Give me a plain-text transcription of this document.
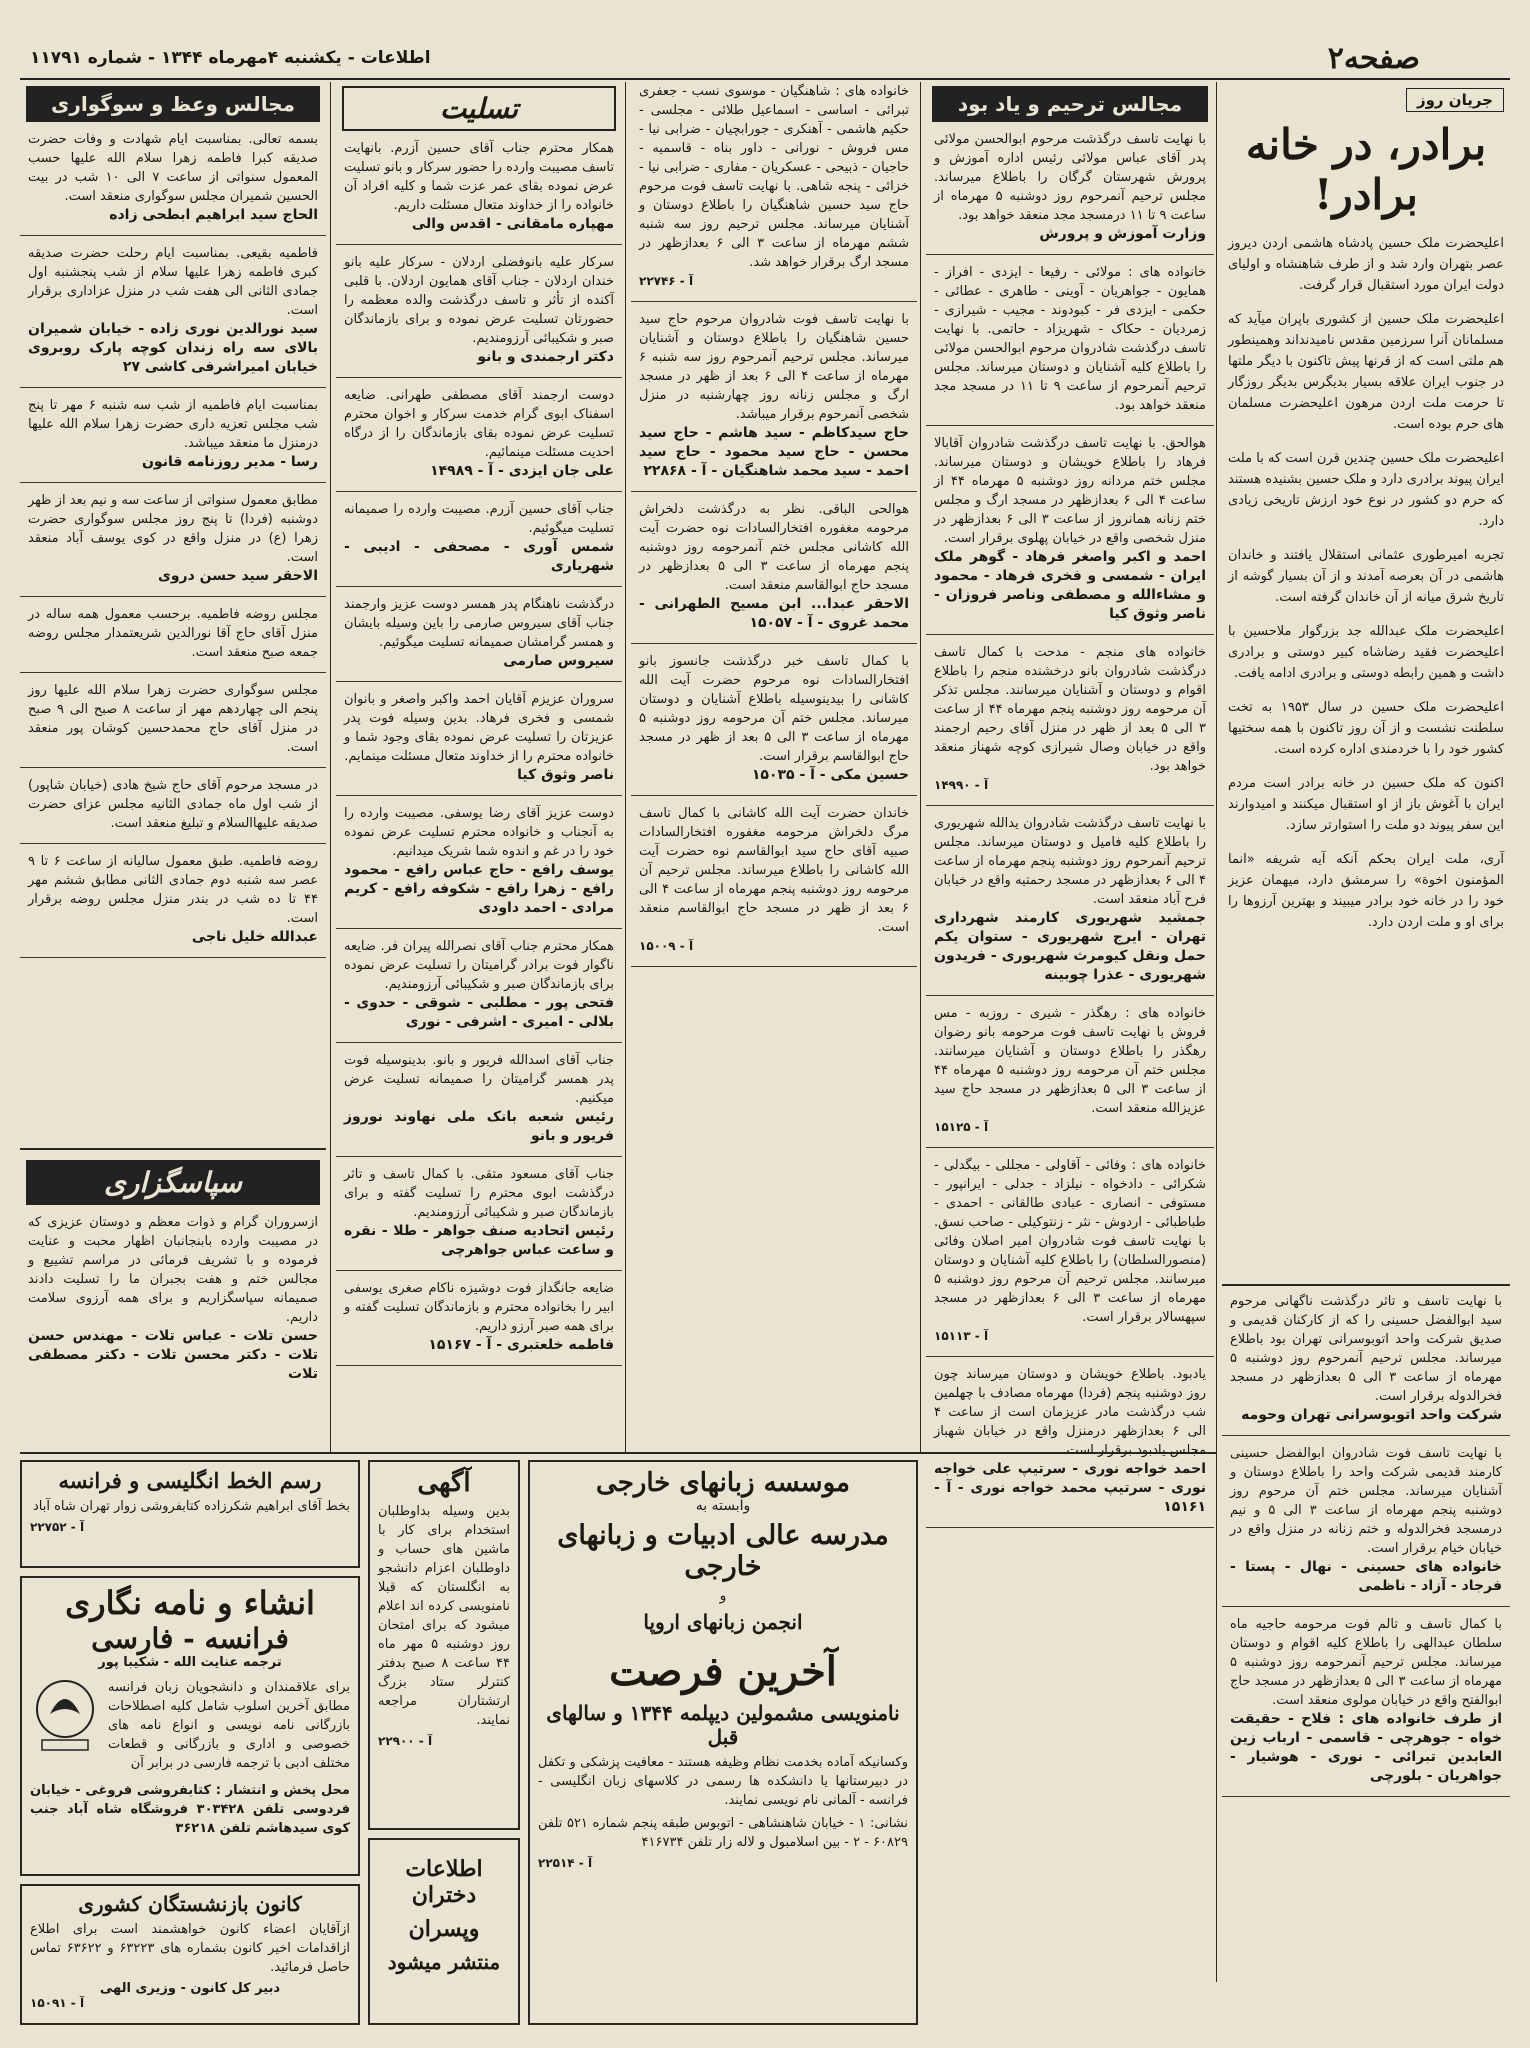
صفحه۲
اطلاعات - یکشنبه ۴مهرماه ۱۳۴۴ - شماره ۱۱۷۹۱
جریان روز
برادر، در خانه برادر!

اعلیحضرت ملک حسین پادشاه هاشمی اردن دیروز عصر بتهران وارد شد و از طرف شاهنشاه و اولیای دولت ایران مورد استقبال قرار گرفت.

اعلیحضرت ملک حسین از کشوری باپران میآید که مسلمانان آنرا سرزمین مقدس نامیدنداند وهمینطور هم ملتی است که از قرنها پیش تاکنون با دیگر ملتها در جنوب ایران علاقه بسیار بدیگرس بدیگر روزگار تا حرمت ملت اردن مرهون اعلیحضرت مسلمان های حرم بوده است.

اعلیحضرت ملک حسین چندین قرن است که با ملت ایران پیوند برادری دارد و ملک حسین بشنیده هستند که حرم دو کشور در نوع خود ارزش تاریخی زیادی دارد.

تجربه امیرطوری عثمانی استقلال یافتند و خاندان هاشمی در آن بعرصه آمدند و از آن بسیار گوشه از تاریخ شرق میانه از آن خاندان گرفته است.

اعلیحضرت ملک عبدالله جد بزرگوار ملاحسین با اعلیحضرت فقید رضاشاه کبیر دوستی و برادری داشت و همین رابطه دوستی و برادری ادامه یافت.

اعلیحضرت ملک حسین در سال ۱۹۵۳ به تخت سلطنت نشست و از آن روز تاکنون با همه سختیها کشور خود را با خردمندی اداره کرده است.

اکنون که ملک حسین در خانه برادر است مردم ایران با آغوش باز از او استقبال میکنند و امیدوارند این سفر پیوند دو ملت را استوارتر سازد.

آری، ملت ایران بحکم آنکه آیه شریفه «انما المؤمنون اخوة» را سرمشق دارد، میهمان عزیز خود را در خانه خود برادر میبیند و بهترین آرزوها را برای او و ملت اردن دارد.

با نهایت تاسف و تاثر درگذشت ناگهانی مرحوم سید ابوالفضل حسینی را که از کارکنان قدیمی و صدیق شرکت واحد اتوبوسرانی تهران بود باطلاع میرساند. مجلس ترحیم آنمرحوم روز دوشنبه ۵ مهرماه از ساعت ۳ الی ۵ بعدازظهر در مسجد فخرالدوله برقرار است.
شرکت واحد اتوبوسرانی تهران وحومه
با نهایت تاسف فوت شادروان ابوالفضل حسینی کارمند قدیمی شرکت واحد را باطلاع دوستان و آشنایان میرساند. مجلس ختم آن مرحوم روز دوشنبه پنجم مهرماه از ساعت ۳ الی ۵ و نیم درمسجد فخرالدوله و ختم زنانه در منزل واقع در خیابان خیام برقرار است.
خانواده های حسینی - نهال - پستا - فرجاد - آزاد - ناظمی
با کمال تاسف و تالم فوت مرحومه حاجیه ماه سلطان عبدالهی را باطلاع کلیه اقوام و دوستان میرساند. مجلس ترحیم آنمرحومه روز دوشنبه ۵ مهرماه از ساعت ۳ الی ۵ بعدازظهر در مسجد حاج ابوالفتح واقع در خیابان مولوی منعقد است.
از طرف خانواده های : فلاح - حقیقت خواه - جوهرچی - قاسمی - ارباب زین العابدین تبرائی - نوری - هوشیار - جواهریان - بلورچی
مجالس ترحیم و یاد بود
با نهایت تاسف درگذشت مرحوم ابوالحسن مولائی پدر آقای عباس مولائی رئیس اداره آموزش و پرورش شهرستان گرگان را باطلاع میرساند. مجلس ترحیم آنمرحوم روز دوشنبه ۵ مهرماه از ساعت ۹ تا ۱۱ درمسجد مجد منعقد خواهد بود.
وزارت آموزش و پرورش
خانواده های : مولائی - رفیعا - ایزدی - افراز - همایون - جواهریان - آوینی - طاهری - عطائی - حکمی - ایزدی فر - کبودوند - مجیب - شیرازی - زمردیان - حکاک - شهریزاد - حاتمی. با نهایت تاسف درگذشت شادروان مرحوم ابوالحسن مولائی را باطلاع کلیه آشنایان و دوستان میرساند. مجلس ترحیم آنمرحوم از ساعت ۹ تا ۱۱ در مسجد مجد منعقد خواهد بود.
هوالحق. با نهایت تاسف درگذشت شادروان آقابالا فرهاد را باطلاع خویشان و دوستان میرساند. مجلس ختم مردانه روز دوشنبه ۵ مهرماه ۴۴ از ساعت ۴ الی ۶ بعدازظهر در مسجد ارگ و مجلس ختم زنانه همانروز از ساعت ۳ الی ۶ بعدازظهر در منزل شخصی واقع در خیابان پهلوی برقرار است.
احمد و اکبر واصغر فرهاد - گوهر ملک ایران - شمسی و فخری فرهاد - محمود و مشاءالله و مصطفی وناصر فروزان - ناصر وثوق کیا
خانواده های منجم - مدحت با کمال تاسف درگذشت شادروان بانو درخشنده منجم را باطلاع اقوام و دوستان و آشنایان میرسانند. مجلس تذکر آن مرحومه روز دوشنبه پنجم مهرماه ۴۴ از ساعت ۳ الی ۵ بعد از ظهر در منزل آقای رحیم ارجمند واقع در خیابان وصال شیرازی کوچه شهناز منعقد خواهد بود.
آ - ۱۴۹۹۰
با نهایت تاسف درگذشت شادروان یدالله شهریوری را باطلاع کلیه فامیل و دوستان میرساند. مجلس ترحیم آنمرحوم روز دوشنبه پنجم مهرماه از ساعت ۴ الی ۶ بعدازظهر در مسجد رحمتیه واقع در خیابان فرح آباد منعقد است.
جمشید شهریوری کارمند شهرداری تهران - ایرج شهریوری - ستوان یکم حمل ونقل کیومرث شهریوری - فریدون شهریوری - عذرا چوبینه
خانواده های : رهگذر - شیری - روزبه - مس فروش با نهایت تاسف فوت مرحومه بانو رضوان رهگذر را باطلاع دوستان و آشنایان میرسانند. مجلس ختم آن مرحومه روز دوشنبه ۵ مهرماه ۴۴ از ساعت ۳ الی ۵ بعدازظهر در مسجد حاج سید عزیزالله منعقد است.
آ - ۱۵۱۲۵
خانواده های : وفائی - آقاولی - مجللی - بیگدلی - شکرائی - دادخواه - نیلزاد - جدلی - ایرانپور - مستوفی - انصاری - عبادی طالقانی - احمدی - طباطبائی - اردوش - نثر - زنتوکیلی - صاحب نسق. با نهایت تاسف فوت شادروان امیر اصلان وفائی (منصورالسلطان) را باطلاع کلیه آشنایان و دوستان میرسانند. مجلس ترحیم آن مرحوم روز دوشنبه ۵ مهرماه از ساعت ۳ الی ۶ بعدازظهر در مسجد سپهسالار برقرار است.
آ - ۱۵۱۱۳
یادبود. باطلاع خویشان و دوستان میرساند چون روز دوشنبه پنجم (فردا) مهرماه مصادف با چهلمین شب درگذشت مادر عزیزمان است از ساعت ۴ الی ۶ بعدازظهر درمنزل واقع در خیابان شهباز مجلس یادبود برقرار است.
احمد خواجه نوری - سرتیپ علی خواجه نوری - سرتیپ محمد خواجه نوری - آ - ۱۵۱۶۱
خانواده های : شاهنگیان - موسوی نسب - جعفری تبرائی - اساسی - اسماعیل طلائی - مجلسی - حکیم هاشمی - آهنکری - جورابچیان - ضرابی نیا - مس فروش - نورانی - داور بناه - قاسمیه - حاجیان - ذبیحی - عسکریان - مفاری - ضرابی نیا - خزائی - پنجه شاهی. با نهایت تاسف فوت مرحوم حاج سید حسین شاهنگیان را باطلاع دوستان و آشنایان میرساند. مجلس ترحیم روز سه شنبه ششم مهرماه از ساعت ۳ الی ۶ بعدازظهر در مسجد ارگ برقرار خواهد شد.
آ - ۲۲۷۴۶
با نهایت تاسف فوت شادروان مرحوم حاج سید حسین شاهنگیان را باطلاع دوستان و آشنایان میرساند. مجلس ترحیم آنمرحوم روز سه شنبه ۶ مهرماه از ساعت ۴ الی ۶ بعد از ظهر در مسجد ارگ و مجلس زنانه روز چهارشنبه در منزل شخصی آنمرحوم برقرار میباشد.
حاج سیدکاظم - سید هاشم - حاج سید محسن - حاج سید محمود - حاج سید احمد - سید محمد شاهنگیان - آ - ۲۲۸۶۸
هوالحی الباقی. نظر به درگذشت دلخراش مرحومه مغفوره افتخارالسادات نوه حضرت آیت الله کاشانی مجلس ختم آنمرحومه روز دوشنبه پنجم مهرماه از ساعت ۳ الی ۵ بعدازظهر در مسجد حاج ابوالقاسم منعقد است.
الاحقر عبدا... ابن مسیح الطهرانی - محمد غروی - آ - ۱۵۰۵۷
با کمال تاسف خبر درگذشت جانسوز بانو افتخارالسادات نوه مرحوم حضرت آیت الله کاشانی را بیدینوسیله باطلاع آشنایان و دوستان میرساند. مجلس ختم آن مرحومه روز دوشنبه ۵ مهرماه از ساعت ۳ الی ۵ بعد از ظهر در مسجد حاج ابوالقاسم برقرار است.
حسین مکی - آ - ۱۵۰۳۵
خاندان حضرت آیت الله کاشانی با کمال تاسف مرگ دلخراش مرحومه مغفوره افتخارالسادات صبیه آقای حاج سید ابوالقاسم نوه حضرت آیت الله کاشانی را باطلاع میرساند. مجلس ترحیم آن مرحومه روز دوشنبه پنجم مهرماه از ساعت ۴ الی ۶ بعد از ظهر در مسجد حاج ابوالقاسم منعقد است.
آ - ۱۵۰۰۹
تسلیت
همکار محترم جناب آقای حسین آزرم. بانهایت تاسف مصیبت وارده را حضور سرکار و بانو تسلیت عرض نموده بقای عمر عزت شما و کلیه افراد آن خانواده را از خداوند متعال مسئلت داریم.
مهپاره مامقانی - اقدس والی
سرکار علیه بانوفضلی اردلان - سرکار علیه بانو خندان اردلان - جناب آقای همایون اردلان. با قلبی آکنده از تأثر و تاسف درگذشت والده معظمه را حضورتان تسلیت عرض نموده و برای بازماندگان صبر و شکیبائی آرزومندیم.
دکتر ارجمندی و بانو
دوست ارجمند آقای مصطفی طهرانی. ضایعه اسفناک ابوی گرام خدمت سرکار و اخوان محترم تسلیت عرض نموده بقای بازماندگان را از درگاه احدیت مسئلت مینمائیم.
علی جان ایزدی - آ - ۱۴۹۸۹
جناب آقای حسین آزرم. مصیبت وارده را صمیمانه تسلیت میگوئیم.
شمس آوری - مصحفی - ادیبی - شهریاری
درگذشت ناهنگام پدر همسر دوست عزیز وارجمند جناب آقای سیروس صارمی را باین وسیله بایشان و همسر گرامشان صمیمانه تسلیت میگوئیم.
سیروس صارمی
سروران عزیزم آقایان احمد واکبر واصغر و بانوان شمسی و فخری فرهاد. بدین وسیله فوت پدر عزیزتان را تسلیت عرض نموده بقای وجود شما و خانواده محترم را از خداوند متعال مسئلت مینمایم.
ناصر وثوق کیا
دوست عزیز آقای رضا یوسفی. مصیبت وارده را به آنجناب و خانواده محترم تسلیت عرض نموده خود را در غم و اندوه شما شریک میدانیم.
یوسف رافع - حاج عباس رافع - محمود رافع - زهرا رافع - شکوفه رافع - کریم مرادی - احمد داودی
همکار محترم جناب آقای نصرالله پیران فر. ضایعه ناگوار فوت برادر گرامیتان را تسلیت عرض نموده برای بازماندگان صبر و شکیبائی آرزومندیم.
فتحی پور - مطلبی - شوقی - حدوی - بلالی - امیری - اشرفی - نوری
جناب آقای اسدالله فریور و بانو. بدینوسیله فوت پدر همسر گرامیتان را صمیمانه تسلیت عرض میکنیم.
رئیس شعبه بانک ملی نهاوند نوروز فریور و بانو
جناب آقای مسعود متقی. با کمال تاسف و تاثر درگذشت ابوی محترم را تسلیت گفته و برای بازماندگان صبر و شکیبائی آرزومندیم.
رئیس اتحادیه صنف جواهر - طلا - نقره و ساعت عباس جواهرچی
ضایعه جانگداز فوت دوشیزه ناکام صغری یوسفی ابیر را بخانواده محترم و بازماندگان تسلیت گفته و برای همه صبر آرزو داریم.
فاطمه خلعتبری - آ - ۱۵۱۶۷
مجالس وعظ و سوگواری
بسمه تعالی. بمناسبت ایام شهادت و وفات حضرت صدیقه کبرا فاطمه زهرا سلام الله علیها حسب المعمول سنواتی از ساعت ۷ الی ۱۰ شب در بیت الحسین شمیران مجلس سوگواری منعقد است.
الحاج سید ابراهیم ابطحی زاده
فاطمیه بقیعی. بمناسبت ایام رحلت حضرت صدیقه کبری فاطمه زهرا علیها سلام از شب پنجشنبه اول جمادی الثانی الی هفت شب در منزل عزاداری برقرار است.
سید نورالدین نوری زاده - خیابان شمیران بالای سه راه زندان کوچه پارک روبروی خیابان امیراشرفی کاشی ۲۷
بمناسبت ایام فاطمیه از شب سه شنبه ۶ مهر تا پنج شب مجلس تعزیه داری حضرت زهرا سلام الله علیها درمنزل ما منعقد میباشد.
رسا - مدیر روزنامه قانون
مطابق معمول سنواتی از ساعت سه و نیم بعد از ظهر دوشنبه (فردا) تا پنج روز مجلس سوگواری حضرت زهرا (ع) در منزل واقع در کوی یوسف آباد منعقد است.
الاحقر سید حسن دروی
مجلس روضه فاطمیه. برحسب معمول همه ساله در منزل آقای حاج آقا نورالدین شریعتمدار مجلس روضه جمعه صبح منعقد است.
مجلس سوگواری حضرت زهرا سلام الله علیها روز پنجم الی چهاردهم مهر از ساعت ۸ صبح الی ۹ صبح در منزل آقای حاج محمدحسین کوشان پور منعقد است.
در مسجد مرحوم آقای حاج شیخ هادی (خیابان شاپور) از شب اول ماه جمادی الثانیه مجلس عزای حضرت صدیقه علیهاالسلام و تبلیغ منعقد است.
روضه فاطمیه. طبق معمول سالیانه از ساعت ۶ تا ۹ عصر سه شنبه دوم جمادی الثانی مطابق ششم مهر ۴۴ تا ده شب در بندر منزل مجلس روضه برقرار است.
عبدالله خلیل ناجی
سپاسگزاری
ازسروران گرام و ذوات معظم و دوستان عزیزی که در مصیبت وارده بابنجانبان اظهار محبت و عنایت فرموده و با تشریف فرمائی در مراسم تشییع و مجالس ختم و هفت بجبران ما را تسلیت دادند صمیمانه سپاسگزاریم و برای همه آرزوی سلامت داریم.
حسن تلات - عباس تلات - مهندس حسن تلات - دکتر محسن تلات - دکتر مصطفی تلات
موسسه زبانهای خارجی
وابسته به
مدرسه عالی ادبیات و زبانهای خارجی
و
انجمن زبانهای اروپا
آخرین فرصت
نامنویسی مشمولین دیپلمه ۱۳۴۴ و سالهای قبل

وکسانیکه آماده بخدمت نظام وظیفه هستند - معافیت پزشکی و تکفل در دبیرستانها یا دانشکده ها رسمی در کلاسهای زبان انگلیسی - فرانسه - آلمانی نام نویسی نمایند.

نشانی: ۱ - خیابان شاهنشاهی - اتوبوس طبقه پنجم شماره ۵۲۱ تلفن ۶۰۸۲۹ - ۲ - بین اسلامبول و لاله زار تلفن ۴۱۶۷۳۴

آ - ۲۲۵۱۴
آگهی

بدین وسیله بداوطلبان استخدام برای کار با ماشین های حساب و داوطلبان اعزام دانشجو به انگلستان که قبلا نامنویسی کرده اند اعلام میشود که برای امتحان روز دوشنبه ۵ مهر ماه ۴۴ ساعت ۸ صبح بدفتر کنترلر ستاد بزرگ ارتشتاران مراجعه نمایند.

آ - ۲۲۹۰۰
اطلاعات دختران
وپسران
منتشر میشود
رسم الخط انگلیسی و فرانسه

بخط آقای ابراهیم شکرزاده کتابفروشی زوار تهران شاه آباد

آ - ۲۲۷۵۲
انشاء و نامه نگاری
فرانسه - فارسی
ترجمه عنایت الله - شکیبا پور

برای علاقمندان و دانشجویان زبان فرانسه مطابق آخرین اسلوب شامل کلیه اصطلاحات بازرگانی نامه نویسی و انواع نامه های خصوصی و اداری و بازرگانی و قطعات مختلف ادبی با ترجمه فارسی در برابر آن

محل پخش و انتشار : کتابفروشی فروغی - خیابان فردوسی تلفن ۳۰۳۴۲۸ فروشگاه شاه آباد جنب کوی سیدهاشم تلفن ۳۶۲۱۸

کانون بازنشستگان کشوری

ازآقایان اعضاء کانون خواهشمند است برای اطلاع ازاقدامات اخیر کانون بشماره های ۶۳۲۲۳ و ۶۳۶۲۲ تماس حاصل فرمائید.

دبیر کل کانون - وزیری الهی
آ - ۱۵۰۹۱
